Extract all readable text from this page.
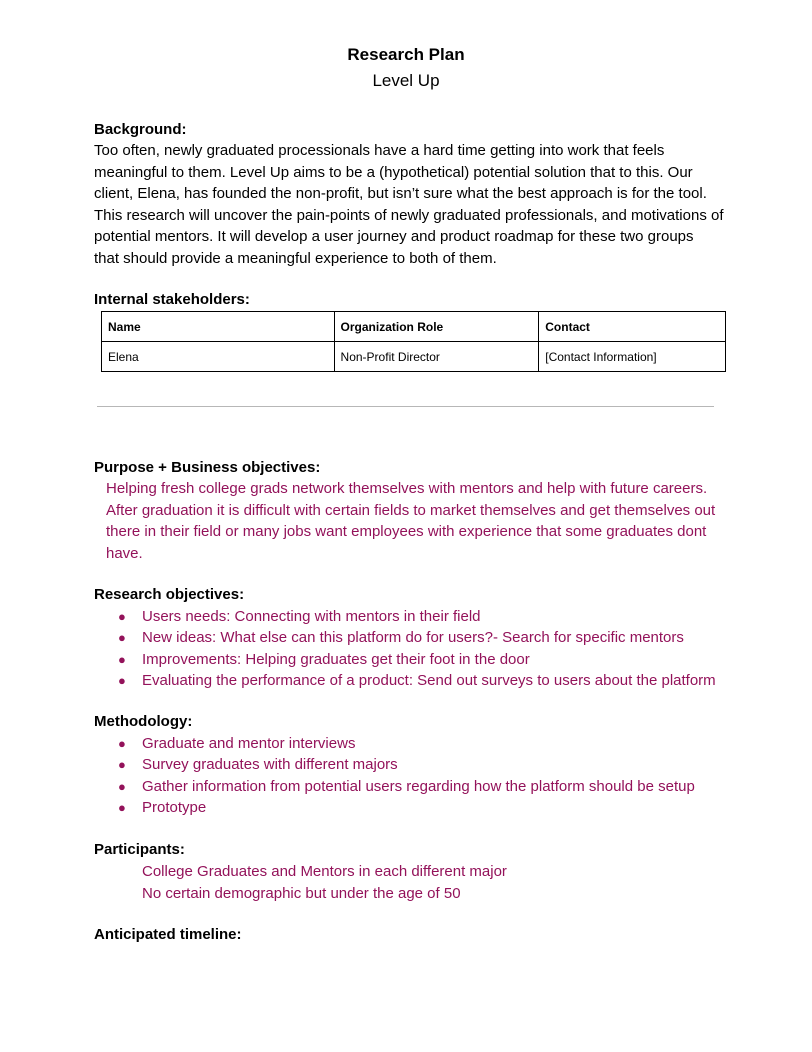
Research Plan
Level Up
Background:

Too often, newly graduated processionals have a hard time getting into work that feels

meaningful to them. Level Up aims to be a (hypothetical) potential solution that to this. Our

client, Elena, has founded the non-profit, but isn’t sure what the best approach is for the tool.

This research will uncover the pain-points of newly graduated professionals, and motivations of

potential mentors. It will develop a user journey and product roadmap for these two groups

that should provide a meaningful experience to both of them.

Internal stakeholders:
Name	Organization Role	Contact
Elena	Non-Profit Director	[Contact Information]
Purpose + Business objectives:

Helping fresh college grads network themselves with mentors and help with future careers.

After graduation it is difficult with certain fields to market themselves and get themselves out

there in their field or many jobs want employees with experience that some graduates dont

have.

Research objectives:
● Users needs: Connecting with mentors in their field
● New ideas: What else can this platform do for users?- Search for specific mentors
● Improvements: Helping graduates get their foot in the door
● Evaluating the performance of a product: Send out surveys to users about the platform
Methodology:
● Graduate and mentor interviews
● Survey graduates with different majors
● Gather information from potential users regarding how the platform should be setup
● Prototype
Participants:

College Graduates and Mentors in each different major

No certain demographic but under the age of 50

Anticipated timeline:
